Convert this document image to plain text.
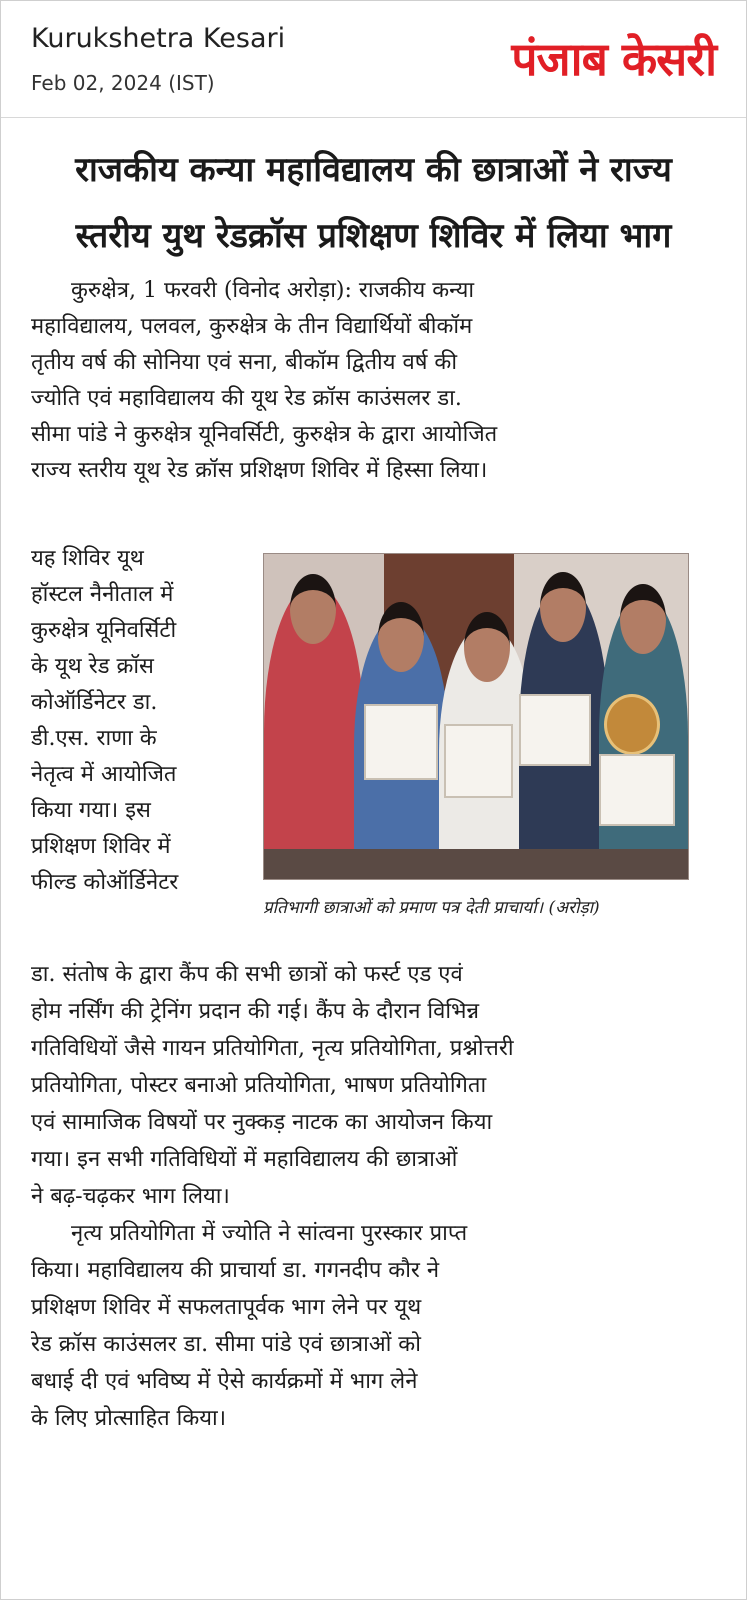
Kurukshetra Kesari
Feb 02, 2024 (IST)	पंजाब केसरी
राजकीय कन्या महाविद्यालय की छात्राओं ने राज्य
स्तरीय युथ रेडक्रॉस प्रशिक्षण शिविर में लिया भाग
कुरुक्षेत्र, 1 फरवरी (विनोद अरोड़ा): राजकीय कन्या
महाविद्यालय, पलवल, कुरुक्षेत्र के तीन विद्यार्थियों बीकॉम
तृतीय वर्ष की सोनिया एवं सना, बीकॉम द्वितीय वर्ष की
ज्योति एवं महाविद्यालय की यूथ रेड क्रॉस काउंसलर डा.
सीमा पांडे ने कुरुक्षेत्र यूनिवर्सिटी, कुरुक्षेत्र के द्वारा आयोजित
राज्य स्तरीय यूथ रेड क्रॉस प्रशिक्षण शिविर में हिस्सा लिया।
यह शिविर यूथ
हॉस्टल नैनीताल में
कुरुक्षेत्र यूनिवर्सिटी
के यूथ रेड क्रॉस
कोऑर्डिनेटर डा.
डी.एस. राणा के
नेतृत्व में आयोजित
किया गया। इस
प्रशिक्षण शिविर में
फील्ड कोऑर्डिनेटर
प्रतिभागी छात्राओं को प्रमाण पत्र देती प्राचार्या। (अरोड़ा)
डा. संतोष के द्वारा कैंप की सभी छात्रों को फर्स्ट एड एवं
होम नर्सिंग की ट्रेनिंग प्रदान की गई। कैंप के दौरान विभिन्न
गतिविधियों जैसे गायन प्रतियोगिता, नृत्य प्रतियोगिता, प्रश्नोत्तरी
प्रतियोगिता, पोस्टर बनाओ प्रतियोगिता, भाषण प्रतियोगिता
एवं सामाजिक विषयों पर नुक्कड़ नाटक का आयोजन किया
गया। इन सभी गतिविधियों में महाविद्यालय की छात्राओं
ने बढ़-चढ़कर भाग लिया।
नृत्य प्रतियोगिता में ज्योति ने सांत्वना पुरस्कार प्राप्त
किया। महाविद्यालय की प्राचार्या डा. गगनदीप कौर ने
प्रशिक्षण शिविर में सफलतापूर्वक भाग लेने पर यूथ
रेड क्रॉस काउंसलर डा. सीमा पांडे एवं छात्राओं को
बधाई दी एवं भविष्य में ऐसे कार्यक्रमों में भाग लेने
के लिए प्रोत्साहित किया।
